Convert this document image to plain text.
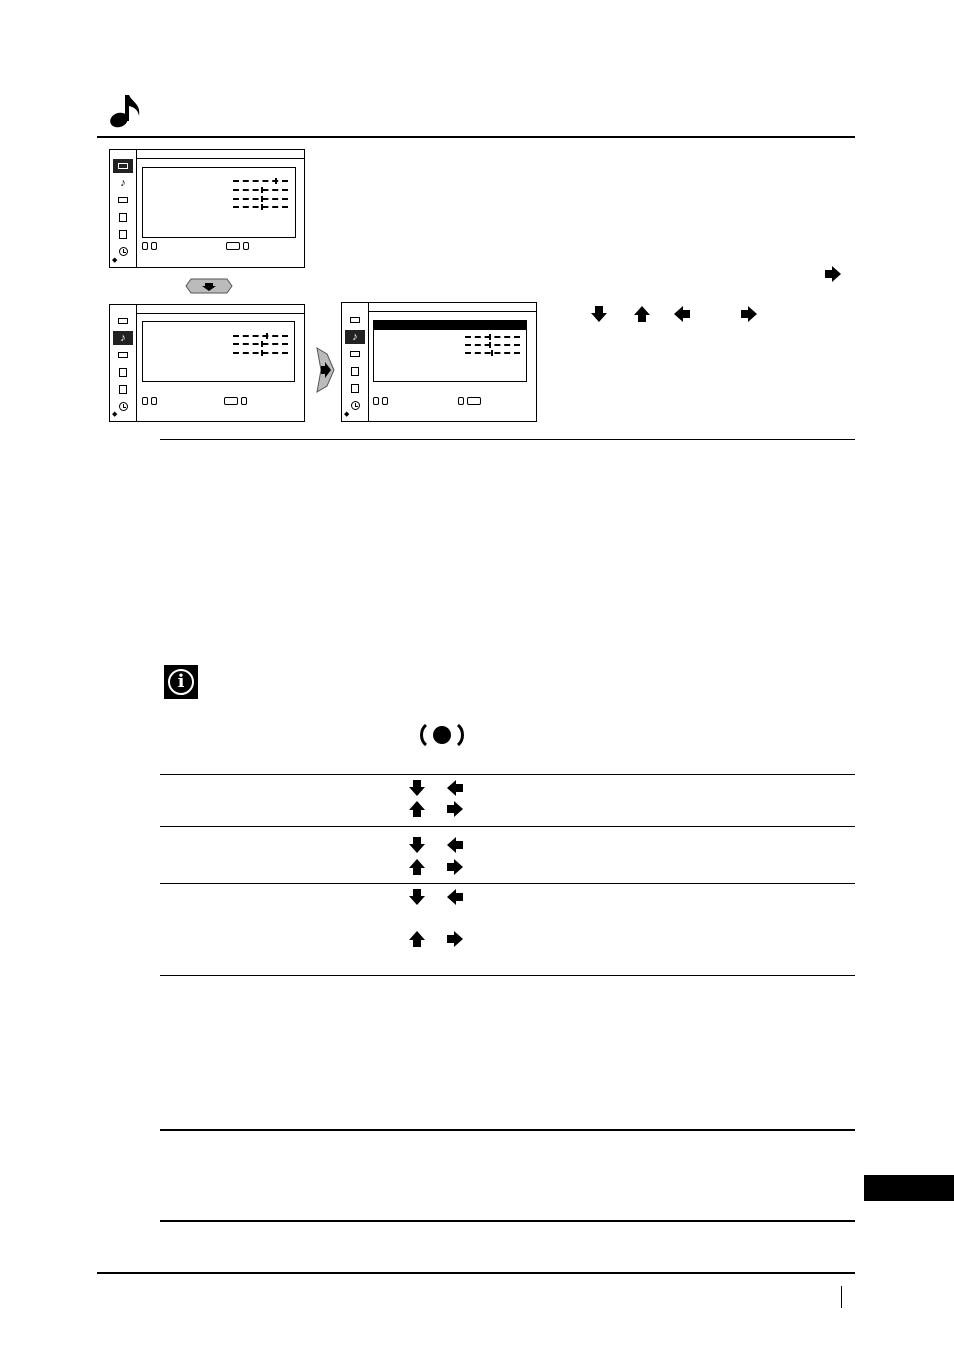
♪
◆
♪
◆
♪
◆
i
